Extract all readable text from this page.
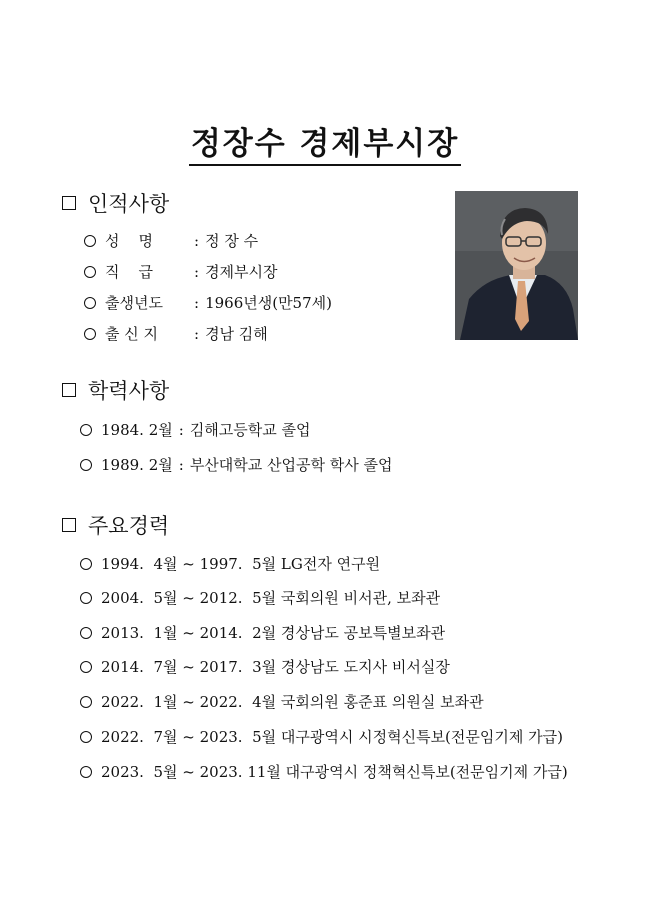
정장수 경제부시장
인적사항
성    명	: 정 장 수
직    급	: 경제부시장
출생년도	: 1966년생(만57세)
출 신 지	: 경남 김해
학력사항
1984. 2월 : 김해고등학교 졸업
1989. 2월 : 부산대학교 산업공학 학사 졸업
주요경력
1994.  4월 ~ 1997.  5월 LG전자 연구원
2004.  5월 ~ 2012.  5월 국회의원 비서관, 보좌관
2013.  1월 ~ 2014.  2월 경상남도 공보특별보좌관
2014.  7월 ~ 2017.  3월 경상남도 도지사 비서실장
2022.  1월 ~ 2022.  4월 국회의원 홍준표 의원실 보좌관
2022.  7월 ~ 2023.  5월 대구광역시 시정혁신특보(전문임기제 가급)
2023.  5월 ~ 2023. 11월 대구광역시 정책혁신특보(전문임기제 가급)
